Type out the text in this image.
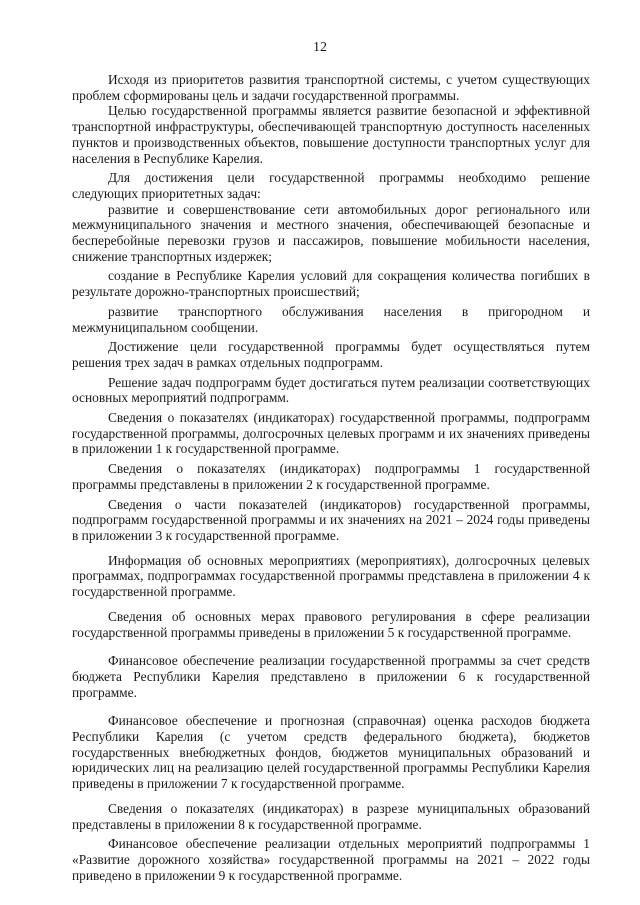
12

Исходя из приоритетов развития транспортной системы, с учетом существующих проблем сформированы цель и задачи государственной программы.

Целью государственной программы является развитие безопасной и эффективной транспортной инфраструктуры, обеспечивающей транспортную доступность населенных пунктов и производственных объектов, повышение доступности транспортных услуг для населения в Республике Карелия.

Для достижения цели государственной программы необходимо решение следующих приоритетных задач:

развитие и совершенствование сети автомобильных дорог регионального или межмуниципального значения и местного значения, обеспечивающей безопасные и бесперебойные перевозки грузов и пассажиров, повышение мобильности населения, снижение транспортных издержек;

создание в Республике Карелия условий для сокращения количества погибших в результате дорожно-транспортных происшествий;

развитие транспортного обслуживания населения в пригородном и межмуниципальном сообщении.

Достижение цели государственной программы будет осуществляться путем решения трех задач в рамках отдельных подпрограмм.

Решение задач подпрограмм будет достигаться путем реализации соответствующих основных мероприятий подпрограмм.

Сведения о показателях (индикаторах) государственной программы, подпрограмм государственной программы, долгосрочных целевых программ и их значениях приведены в приложении 1 к государственной программе.

Сведения о показателях (индикаторах) подпрограммы 1 государственной программы представлены в приложении 2 к государственной программе.

Сведения о части показателей (индикаторов) государственной программы, подпрограмм государственной программы и их значениях на 2021 – 2024 годы приведены в приложении 3 к государственной программе.

Информация об основных мероприятиях (мероприятиях), долгосрочных целевых программах, подпрограммах государственной программы представлена в приложении 4 к государственной программе.

Сведения об основных мерах правового регулирования в сфере реализации государственной программы приведены в приложении 5 к государственной программе.

Финансовое обеспечение реализации государственной программы за счет средств бюджета Республики Карелия представлено в приложении 6 к государственной программе.

Финансовое обеспечение и прогнозная (справочная) оценка расходов бюджета Республики Карелия (с учетом средств федерального бюджета), бюджетов государственных внебюджетных фондов, бюджетов муниципальных образований и юридических лиц на реализацию целей государственной программы Республики Карелия приведены в приложении 7 к государственной программе.

Сведения о показателях (индикаторах) в разрезе муниципальных образований представлены в приложении 8 к государственной программе.

Финансовое обеспечение реализации отдельных мероприятий подпрограммы 1 «Развитие дорожного хозяйства» государственной программы на 2021 – 2022 годы приведено в приложении 9 к государственной программе.
